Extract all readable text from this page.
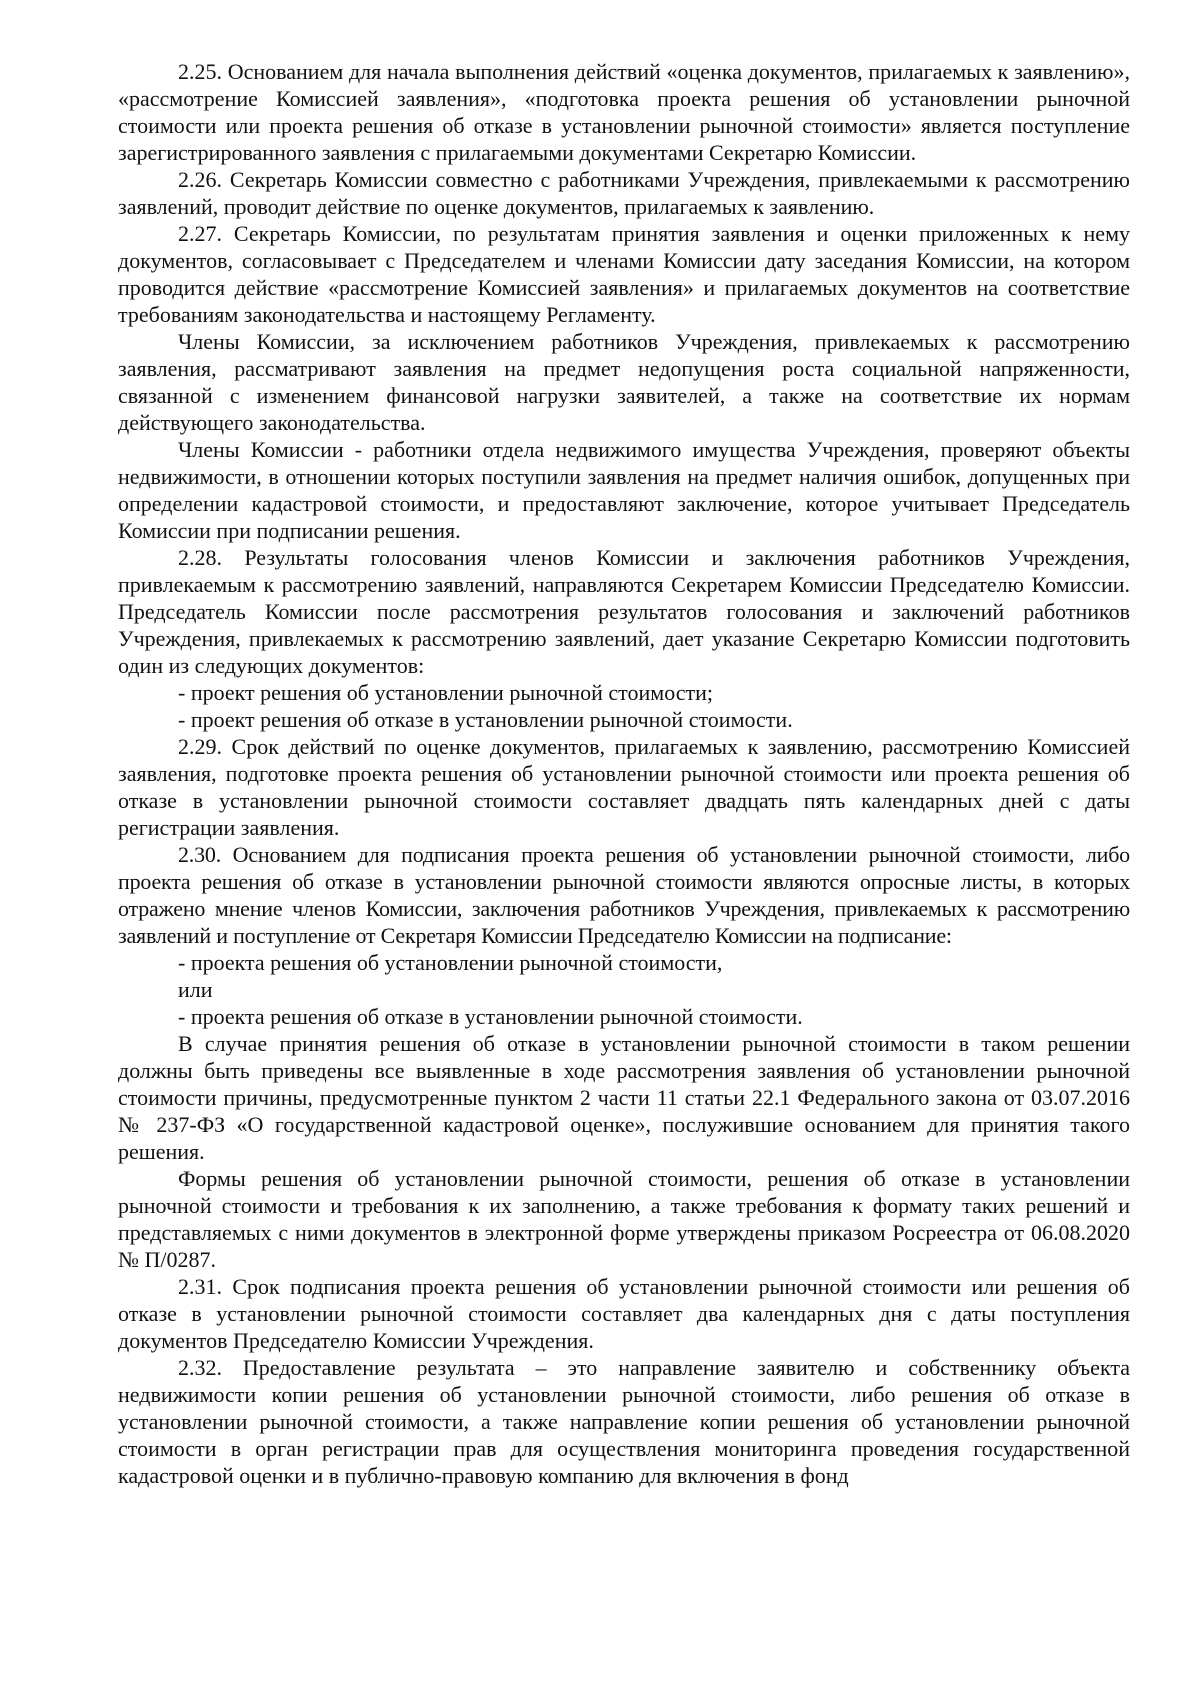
2.25. Основанием для начала выполнения действий «оценка документов, прилагаемых к заявлению», «рассмотрение Комиссией заявления», «подготовка проекта решения об установлении рыночной стоимости или проекта решения об отказе в установлении рыночной стоимости» является поступление зарегистрированного заявления с прилагаемыми документами Секретарю Комиссии.

2.26. Секретарь Комиссии совместно с работниками Учреждения, привлекаемыми к рассмотрению заявлений, проводит действие по оценке документов, прилагаемых к заявлению.

2.27. Секретарь Комиссии, по результатам принятия заявления и оценки приложенных к нему документов, согласовывает с Председателем и членами Комиссии дату заседания Комиссии, на котором проводится действие «рассмотрение Комиссией заявления» и прилагаемых документов на соответствие требованиям законодательства и настоящему Регламенту.

Члены Комиссии, за исключением работников Учреждения, привлекаемых к рассмотрению заявления, рассматривают заявления на предмет недопущения роста социальной напряженности, связанной с изменением финансовой нагрузки заявителей, а также на соответствие их нормам действующего законодательства.

Члены Комиссии - работники отдела недвижимого имущества Учреждения, проверяют объекты недвижимости, в отношении которых поступили заявления на предмет наличия ошибок, допущенных при определении кадастровой стоимости, и предоставляют заключение, которое учитывает Председатель Комиссии при подписании решения.

2.28. Результаты голосования членов Комиссии и заключения работников Учреждения, привлекаемым к рассмотрению заявлений, направляются Секретарем Комиссии Председателю Комиссии. Председатель Комиссии после рассмотрения результатов голосования и заключений работников Учреждения, привлекаемых к рассмотрению заявлений, дает указание Секретарю Комиссии подготовить один из следующих документов:

- проект решения об установлении рыночной стоимости;

- проект решения об отказе в установлении рыночной стоимости.

2.29. Срок действий по оценке документов, прилагаемых к заявлению, рассмотрению Комиссией заявления, подготовке проекта решения об установлении рыночной стоимости или проекта решения об отказе в установлении рыночной стоимости составляет двадцать пять календарных дней с даты регистрации заявления.

2.30. Основанием для подписания проекта решения об установлении рыночной стоимости, либо проекта решения об отказе в установлении рыночной стоимости являются опросные листы, в которых отражено мнение членов Комиссии, заключения работников Учреждения, привлекаемых к рассмотрению заявлений и поступление от Секретаря Комиссии Председателю Комиссии на подписание:

- проекта решения об установлении рыночной стоимости,

или

- проекта решения об отказе в установлении рыночной стоимости.

В случае принятия решения об отказе в установлении рыночной стоимости в таком решении должны быть приведены все выявленные в ходе рассмотрения заявления об установлении рыночной стоимости причины, предусмотренные пунктом 2 части 11 статьи 22.1 Федерального закона от 03.07.2016 № 237-ФЗ «О государственной кадастровой оценке», послужившие основанием для принятия такого решения.

Формы решения об установлении рыночной стоимости, решения об отказе в установлении рыночной стоимости и требования к их заполнению, а также требования к формату таких решений и представляемых с ними документов в электронной форме утверждены приказом Росреестра от 06.08.2020 № П/0287.

2.31. Срок подписания проекта решения об установлении рыночной стоимости или решения об отказе в установлении рыночной стоимости составляет два календарных дня с даты поступления документов Председателю Комиссии Учреждения.

2.32. Предоставление результата – это направление заявителю и собственнику объекта недвижимости копии решения об установлении рыночной стоимости, либо решения об отказе в установлении рыночной стоимости, а также направление копии решения об установлении рыночной стоимости в орган регистрации прав для осуществления мониторинга проведения государственной кадастровой оценки и в публично-правовую компанию для включения в фонд
